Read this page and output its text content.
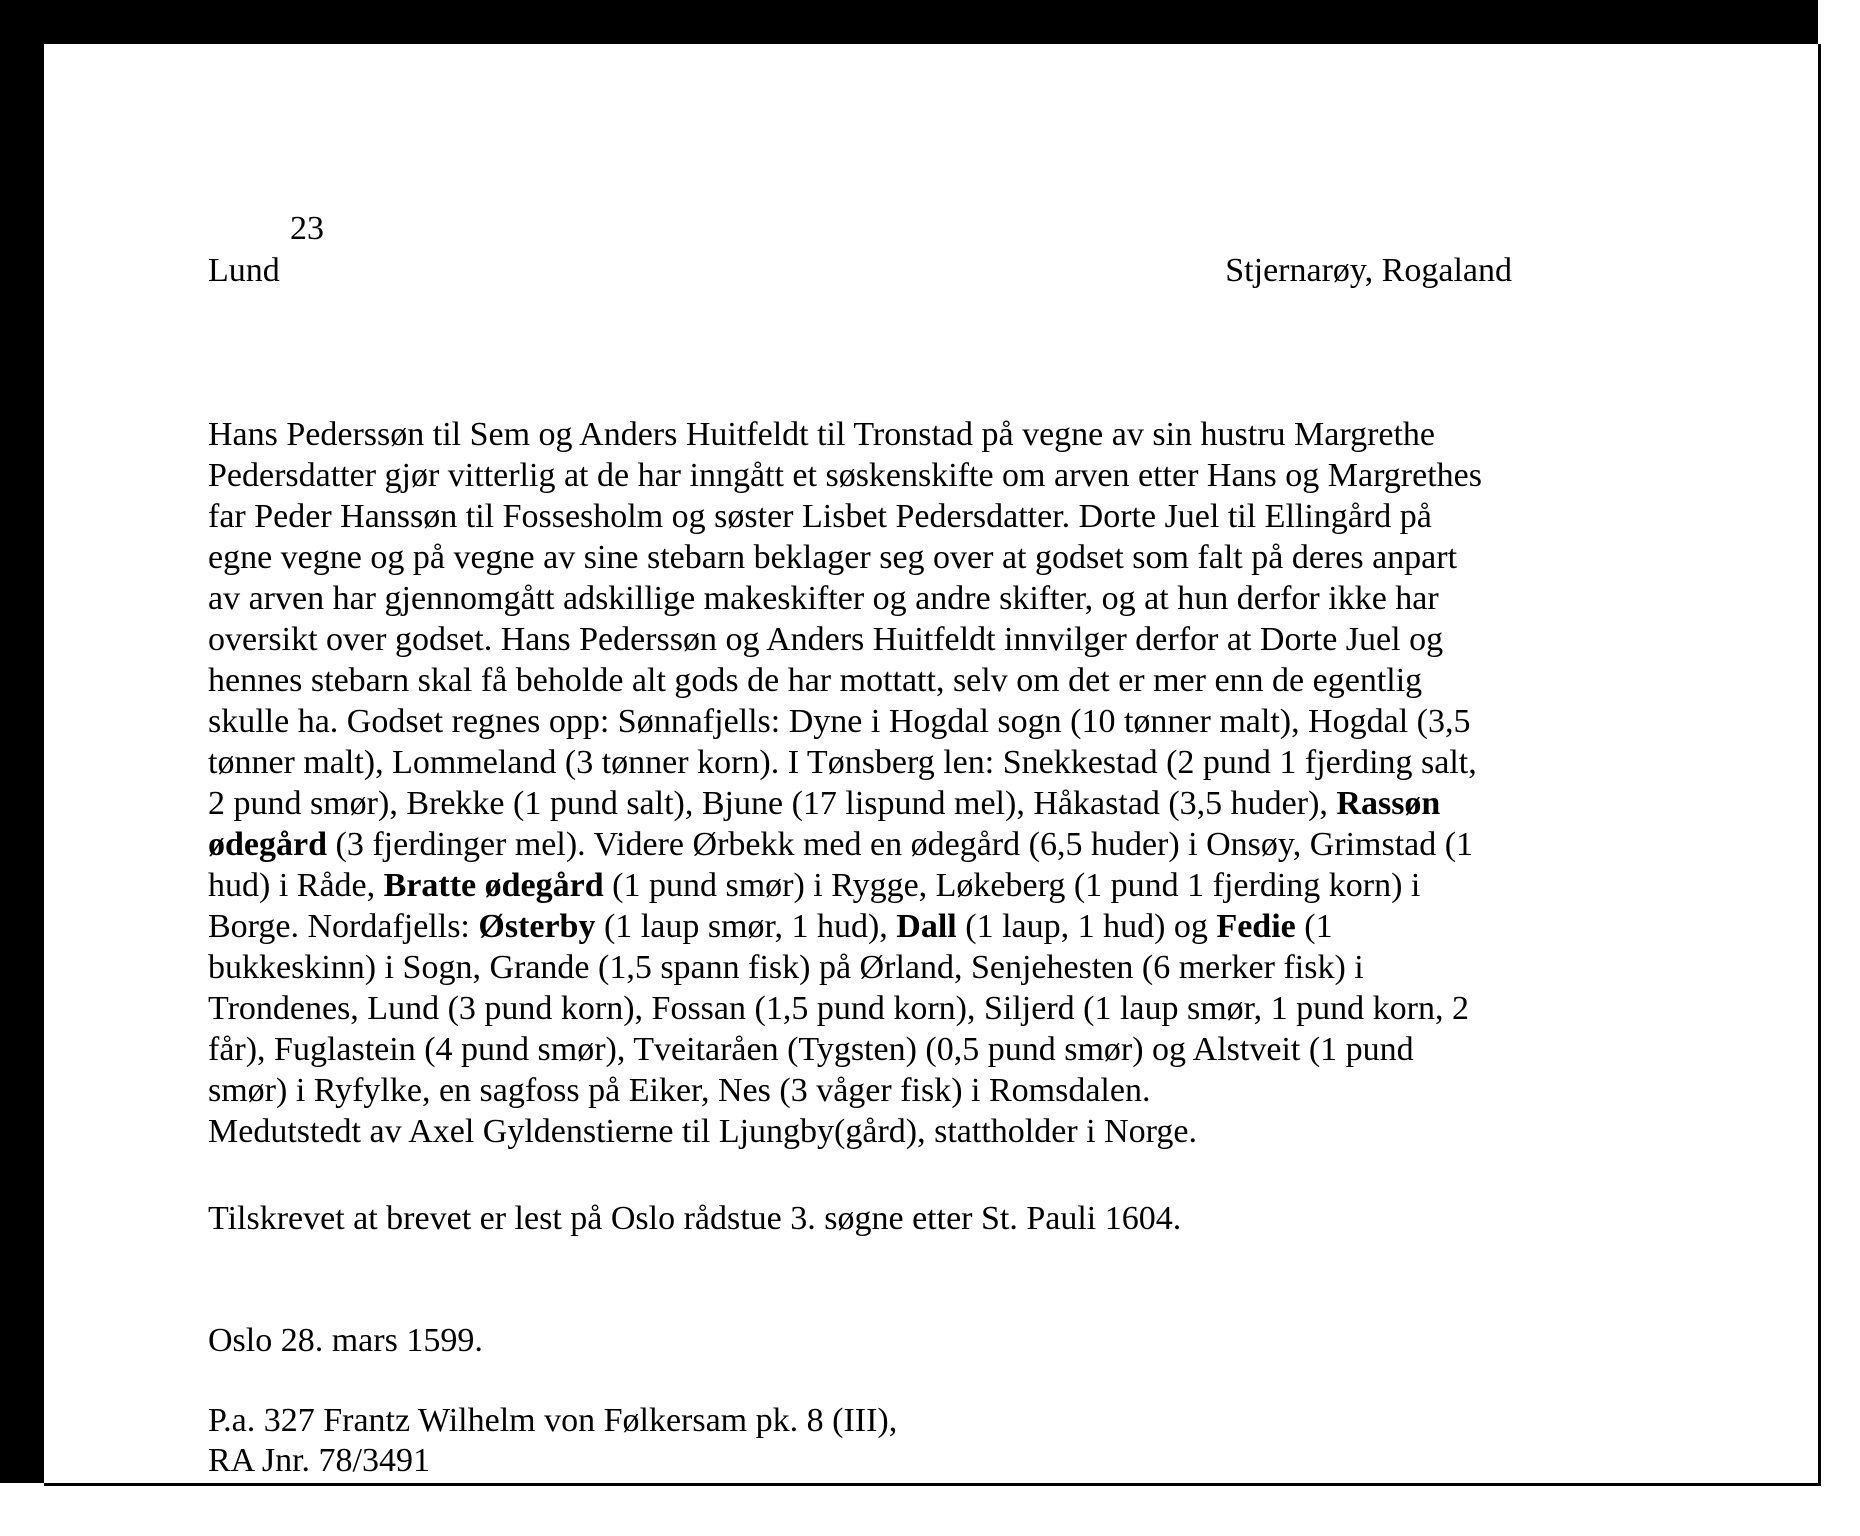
23
Lund	Stjernarøy, Rogaland
Hans Pederssøn til Sem og Anders Huitfeldt til Tronstad på vegne av sin hustru Margrethe
Pedersdatter gjør vitterlig at de har inngått et søskenskifte om arven etter Hans og Margrethes
far Peder Hanssøn til Fossesholm og søster Lisbet Pedersdatter. Dorte Juel til Ellingård på
egne vegne og på vegne av sine stebarn beklager seg over at godset som falt på deres anpart
av arven har gjennomgått adskillige makeskifter og andre skifter, og at hun derfor ikke har
oversikt over godset. Hans Pederssøn og Anders Huitfeldt innvilger derfor at Dorte Juel og
hennes stebarn skal få beholde alt gods de har mottatt, selv om det er mer enn de egentlig
skulle ha. Godset regnes opp: Sønnafjells: Dyne i Hogdal sogn (10 tønner malt), Hogdal (3,5
tønner malt), Lommeland (3 tønner korn). I Tønsberg len: Snekkestad (2 pund 1 fjerding salt,
2 pund smør), Brekke (1 pund salt), Bjune (17 lispund mel), Håkastad (3,5 huder), Rassøn
ødegård (3 fjerdinger mel). Videre Ørbekk med en ødegård (6,5 huder) i Onsøy, Grimstad (1
hud) i Råde, Bratte ødegård (1 pund smør) i Rygge, Løkeberg (1 pund 1 fjerding korn) i
Borge. Nordafjells: Østerby (1 laup smør, 1 hud), Dall (1 laup, 1 hud) og Fedie (1
bukkeskinn) i Sogn, Grande (1,5 spann fisk) på Ørland, Senjehesten (6 merker fisk) i
Trondenes, Lund (3 pund korn), Fossan (1,5 pund korn), Siljerd (1 laup smør, 1 pund korn, 2
får), Fuglastein (4 pund smør), Tveitaråen (Tygsten) (0,5 pund smør) og Alstveit (1 pund
smør) i Ryfylke, en sagfoss på Eiker, Nes (3 våger fisk) i Romsdalen.
Medutstedt av Axel Gyldenstierne til Ljungby(gård), stattholder i Norge.
Tilskrevet at brevet er lest på Oslo rådstue 3. søgne etter St. Pauli 1604.
Oslo 28. mars 1599.
P.a. 327 Frantz Wilhelm von Følkersam pk. 8 (III),
RA Jnr. 78/3491
